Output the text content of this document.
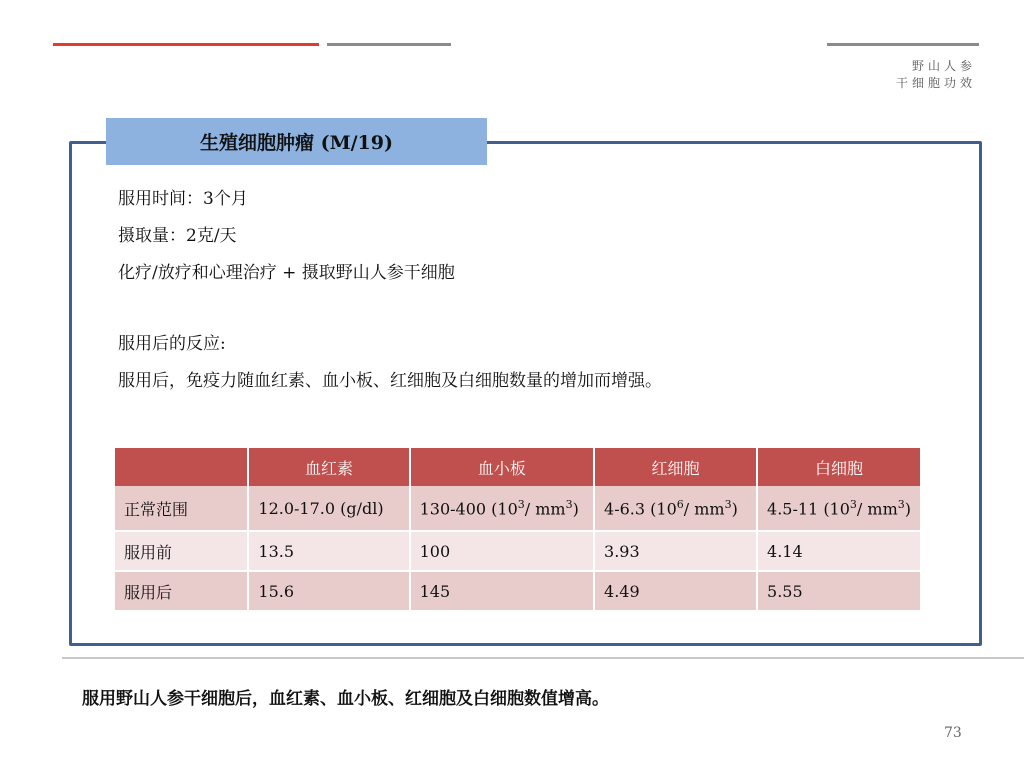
野山人参
干细胞功效
生殖细胞肿瘤 (M/19)
服用时间：3个月
摄取量：2克/天
化疗/放疗和心理治疗 + 摄取野山人参干细胞
服用后的反应:
服用后，免疫力随血红素、血小板、红细胞及白细胞数量的增加而增强。
	血红素	血小板	红细胞	白细胞
正常范围	12.0-17.0 (g/dl)	130-400 ($10^3/$ $mm^3$)	4-6.3 ($10^6/$ $mm^3$)	4.5-11 ($10^3/$ $mm^3$)
服用前	13.5	100	3.93	4.14
服用后	15.6	145	4.49	5.55
服用野山人参干细胞后，血红素、血小板、红细胞及白细胞数值增高。
73
